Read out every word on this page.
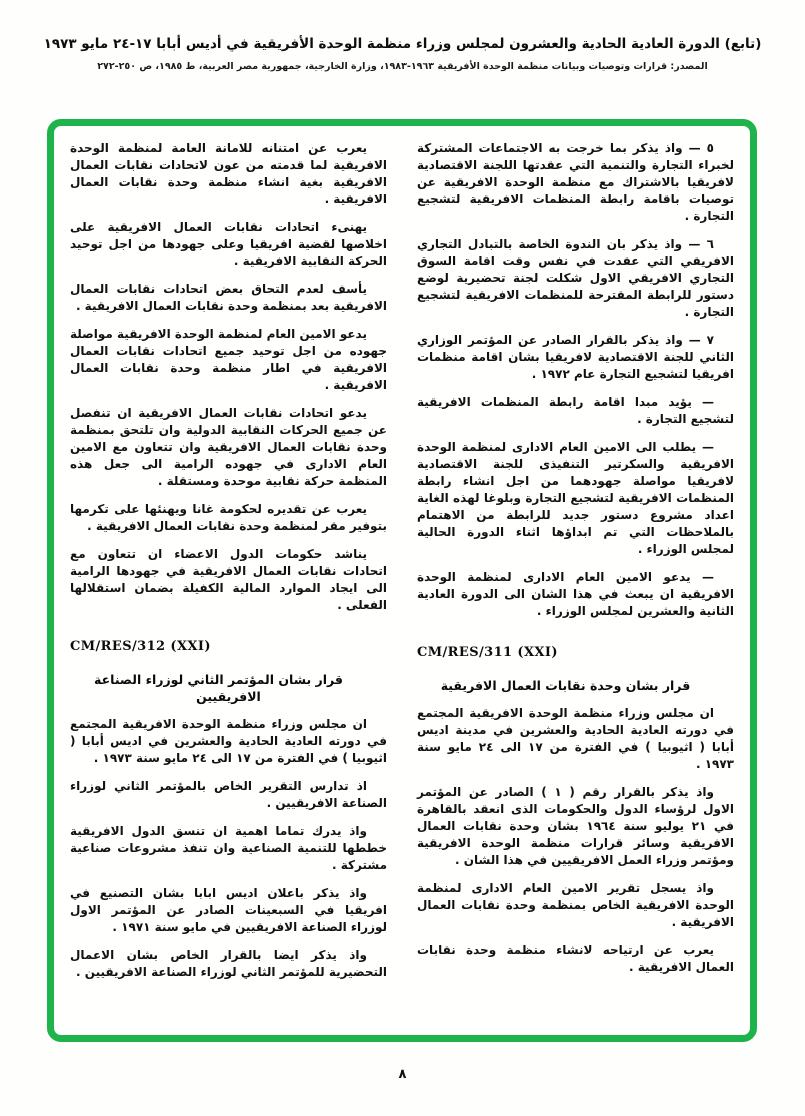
(تابع) الدورة العادية الحادية والعشرون لمجلس وزراء منظمة الوحدة الأفريقية في أديس أبابا ١٧-٢٤ مايو ١٩٧٣
المصدر: قرارات وتوصيات وبيانات منظمة الوحدة الأفريقية ١٩٦٣-١٩٨٣، وزارة الخارجية، جمهورية مصر العربية، ط ١٩٨٥، ص ٢٥٠-٢٧٢

٥ — واذ يذكر بما خرجت به الاجتماعات المشتركة لخبراء التجارة والتنمية التي عقدتها اللجنة الاقتصادية لافريقيا بالاشتراك مع منظمة الوحدة الافريقية عن توصيات باقامة رابطة المنظمات الافريقية لتشجيع التجارة .

٦ — واذ يذكر بان الندوة الخاصة بالتبادل التجاري الافريقي التي عقدت في نفس وقت اقامة السوق التجاري الافريقي الاول شكلت لجنة تحضيرية لوضع دستور للرابطة المقترحة للمنظمات الافريقية لتشجيع التجارة .

٧ — واذ يذكر بالقرار الصادر عن المؤتمر الوزاري الثاني للجنة الاقتصادية لافريقيا بشان اقامة منظمات افريقيا لتشجيع التجارة عام ١٩٧٢ .

— يؤيد مبدا اقامة رابطة المنظمات الافريقية لتشجيع التجارة .

— يطلب الى الامين العام الادارى لمنظمة الوحدة الافريقية والسكرتير التنفيذى للجنة الاقتصادية لافريقيا مواصلة جهودهما من اجل انشاء رابطة المنظمات الافريقية لتشجيع التجارة وبلوغا لهذه الغاية اعداد مشروع دستور جديد للرابطة من الاهتمام بالملاحظات التي تم ابداؤها اثناء الدورة الحالية لمجلس الوزراء .

— يدعو الامين العام الادارى لمنظمة الوحدة الافريقية ان يبعث في هذا الشان الى الدورة العادية الثانية والعشرين لمجلس الوزراء .

CM/RES/311 (XXI)

قرار بشان وحدة نقابات العمال الافريقية

ان مجلس وزراء منظمة الوحدة الافريقية المجتمع في دورته العادية الحادية والعشرين في مدينة اديس أبابا ( اثيوبيا ) في الفترة من ١٧ الى ٢٤ مايو سنة ١٩٧٣ .

واذ يذكر بالقرار رقم ( ١ ) الصادر عن المؤتمر الاول لرؤساء الدول والحكومات الذى انعقد بالقاهرة في ٢١ يوليو سنة ١٩٦٤ بشان وحدة نقابات العمال الافريقية وسائر قرارات منظمة الوحدة الافريقية ومؤتمر وزراء العمل الافريقيين في هذا الشان .

واذ يسجل تقرير الامين العام الادارى لمنظمة الوحدة الافريقية الخاص بمنظمة وحدة نقابات العمال الافريقية .

يعرب عن ارتياحه لانشاء منظمة وحدة نقابات العمال الافريقية .

يعرب عن امتنانه للامانة العامة لمنظمة الوحدة الافريقية لما قدمته من عون لاتحادات نقابات العمال الافريقية بغية انشاء منظمة وحدة نقابات العمال الافريقية .

يهنىء اتحادات نقابات العمال الافريقية على اخلاصها لقضية افريقيا وعلى جهودها من اجل توحيد الحركة النقابية الافريقية .

يأسف لعدم التحاق بعض اتحادات نقابات العمال الافريقية بعد بمنظمة وحدة نقابات العمال الافريقية .

يدعو الامين العام لمنظمة الوحدة الافريقية مواصلة جهوده من اجل توحيد جميع اتحادات نقابات العمال الافريقية في اطار منظمة وحدة نقابات العمال الافريقية .

يدعو اتحادات نقابات العمال الافريقية ان تنفصل عن جميع الحركات النقابية الدولية وان تلتحق بمنظمة وحدة نقابات العمال الافريقية وان تتعاون مع الامين العام الادارى في جهوده الرامية الى جعل هذه المنظمة حركة نقابية موحدة ومستقلة .

يعرب عن تقديره لحكومة غانا ويهنئها على تكرمها بتوفير مقر لمنظمة وحدة نقابات العمال الافريقية .

يناشد حكومات الدول الاعضاء ان تتعاون مع اتحادات نقابات العمال الافريقية في جهودها الرامية الى ايجاد الموارد المالية الكفيلة بضمان استقلالها الفعلى .

CM/RES/312 (XXI)

قرار بشان المؤتمر الثاني لوزراء الصناعة الافريقيين

ان مجلس وزراء منظمة الوحدة الافريقية المجتمع في دورته العادية الحادية والعشرين في اديس أبابا ( اثيوبيا ) في الفترة من ١٧ الى ٢٤ مايو سنة ١٩٧٣ .

اذ تدارس التقرير الخاص بالمؤتمر الثاني لوزراء الصناعة الافريقيين .

واذ يدرك تماما اهمية ان تنسق الدول الافريقية خططها للتنمية الصناعية وان تنفذ مشروعات صناعية مشتركة .

واذ يذكر باعلان اديس ابابا بشان التصنيع في افريقيا في السبعينات الصادر عن المؤتمر الاول لوزراء الصناعة الافريقيين في مايو سنة ١٩٧١ .

واذ يذكر ايضا بالقرار الخاص بشان الاعمال التحضيرية للمؤتمر الثاني لوزراء الصناعة الافريقيين .

٨
